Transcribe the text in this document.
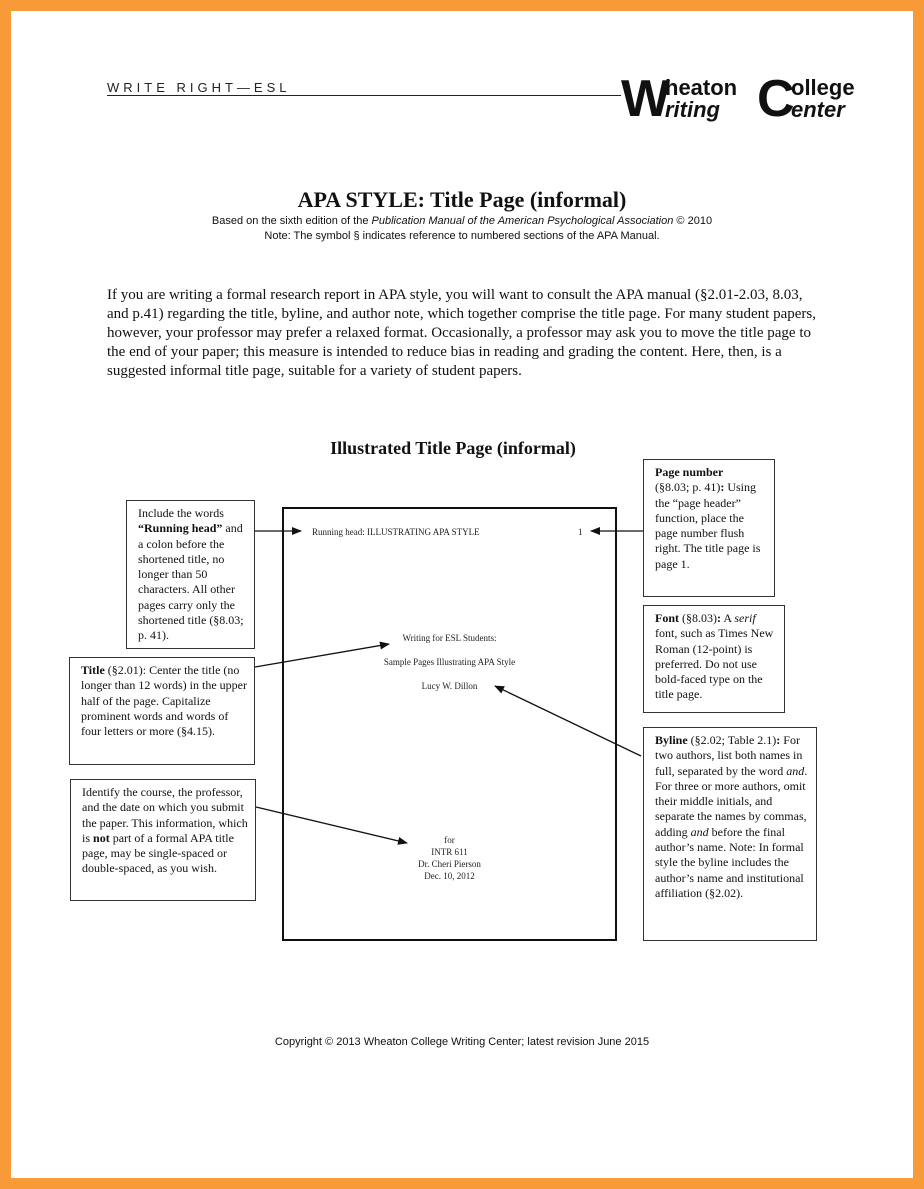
WRITE RIGHT—ESL	W
heaton
riting C
ollege
enter
APA STYLE: Title Page (informal)
Based on the sixth edition of the Publication Manual of the American Psychological Association © 2010
Note: The symbol § indicates reference to numbered sections of the APA Manual.
If you are writing a formal research report in APA style, you will want to consult the APA manual (§2.01-2.03, 8.03, and p.41) regarding the title, byline, and author note, which together comprise the title page. For many student papers, however, your professor may prefer a relaxed format. Occasionally, a professor may ask you to move the title page to the end of your paper; this measure is intended to reduce bias in reading and grading the content. Here, then, is a suggested informal title page, suitable for a variety of student papers.
Illustrated Title Page (informal)
Running head: ILLUSTRATING APA STYLE	1
Writing for ESL Students:
Sample Pages Illustrating APA Style
Lucy W. Dillon
for
INTR 611
Dr. Cheri Pierson
Dec. 10, 2012
Include the words “Running head” and a colon before the shortened title, no longer than 50 characters. All other pages carry only the shortened title (§8.03; p. 41).
Title (§2.01): Center the title (no longer than 12 words) in the upper half of the page. Capitalize prominent words and words of four letters or more (§4.15).
Identify the course, the professor, and the date on which you submit the paper. This information, which is not part of a formal APA title page, may be single-spaced or double-spaced, as you wish.
Page number
(§8.03; p. 41): Using the “page header” function, place the page number flush right. The title page is page 1.
Font (§8.03): A serif font, such as Times New Roman (12-point) is preferred. Do not use bold-faced type on the title page.
Byline (§2.02; Table 2.1): For two authors, list both names in full, separated by the word and. For three or more authors, omit their middle initials, and separate the names by commas, adding and before the final author’s name. Note: In formal style the byline includes the author’s name and institutional affiliation (§2.02).
Copyright © 2013 Wheaton College Writing Center; latest revision June 2015
